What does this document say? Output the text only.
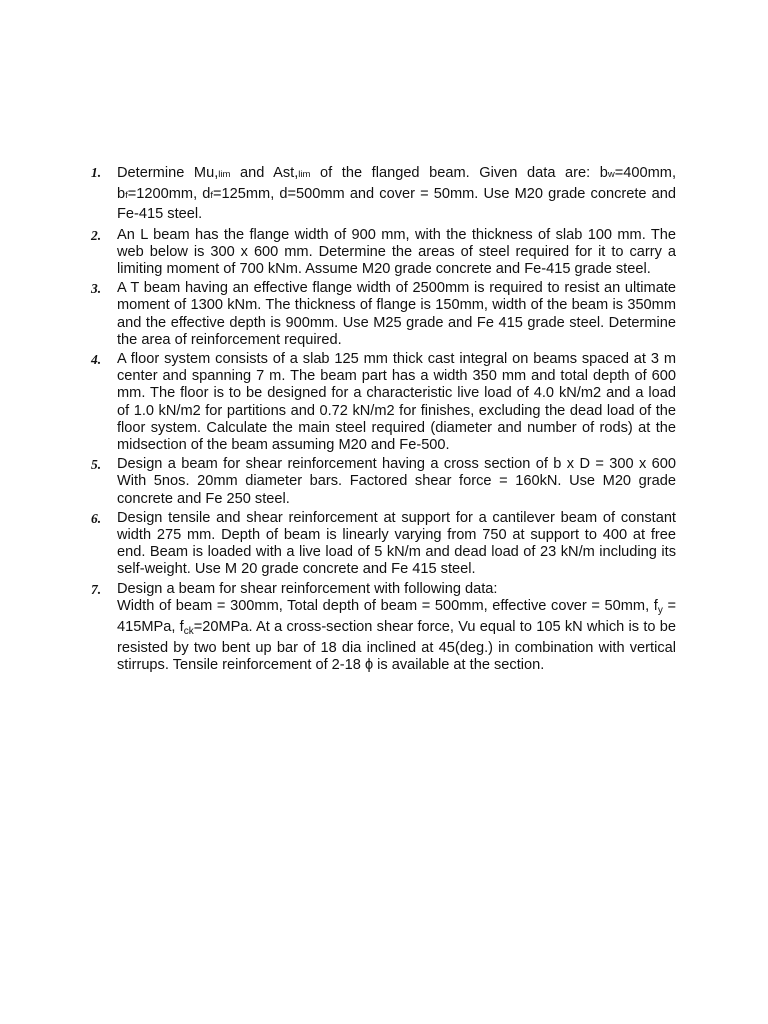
1. Determine Mu,lim and Ast,lim of the flanged beam. Given data are: bw=400mm, bf=1200mm, df=125mm, d=500mm and cover = 50mm. Use M20 grade concrete and Fe-415 steel.
2. An L beam has the flange width of 900 mm, with the thickness of slab 100 mm. The web below is 300 x 600 mm. Determine the areas of steel required for it to carry a limiting moment of 700 kNm. Assume M20 grade concrete and Fe-415 grade steel.
3. A T beam having an effective flange width of 2500mm is required to resist an ultimate moment of 1300 kNm. The thickness of flange is 150mm, width of the beam is 350mm and the effective depth is 900mm. Use M25 grade and Fe 415 grade steel. Determine the area of reinforcement required.
4. A floor system consists of a slab 125 mm thick cast integral on beams spaced at 3 m center and spanning 7 m. The beam part has a width 350 mm and total depth of 600 mm. The floor is to be designed for a characteristic live load of 4.0 kN/m2 and a load of 1.0 kN/m2 for partitions and 0.72 kN/m2 for finishes, excluding the dead load of the floor system. Calculate the main steel required (diameter and number of rods) at the midsection of the beam assuming M20 and Fe-500.
5. Design a beam for shear reinforcement having a cross section of b x D = 300 x 600 With 5nos. 20mm diameter bars. Factored shear force = 160kN. Use M20 grade concrete and Fe 250 steel.
6. Design tensile and shear reinforcement at support for a cantilever beam of constant width 275 mm. Depth of beam is linearly varying from 750 at support to 400 at free end. Beam is loaded with a live load of 5 kN/m and dead load of 23 kN/m including its self-weight. Use M 20 grade concrete and Fe 415 steel.
7. Design a beam for shear reinforcement with following data:
Width of beam = 300mm, Total depth of beam = 500mm, effective cover = 50mm, $f_y = 415MPa$, $f_{ck}=20MPa$. At a cross-section shear force, Vu equal to 105 kN which is to be resisted by two bent up bar of 18 dia inclined at 45(deg.) in combination with vertical stirrups. Tensile reinforcement of 2-18 ϕ is available at the section.
